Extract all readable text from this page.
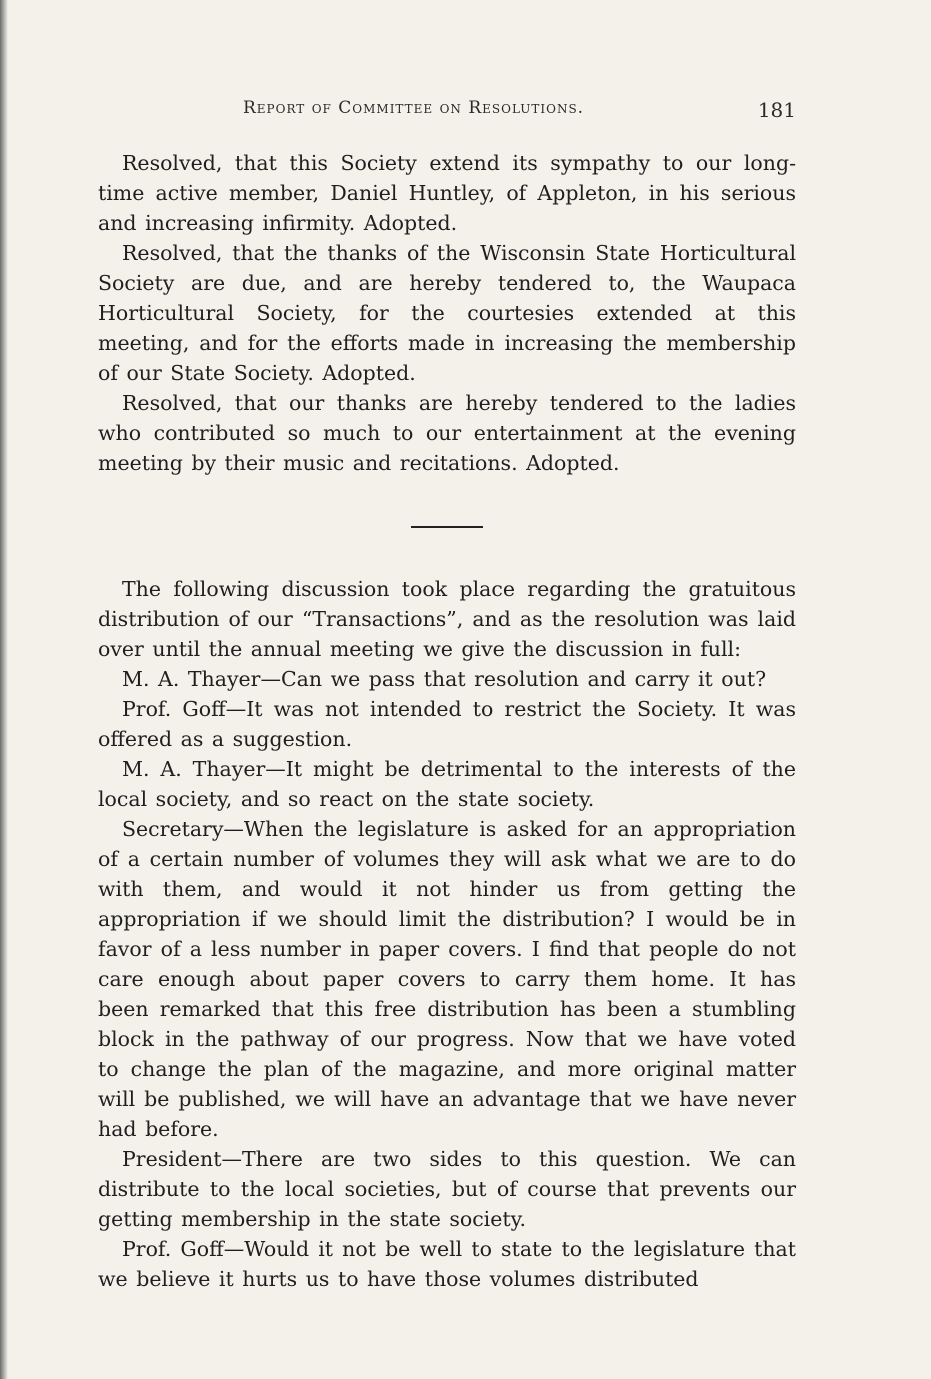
Report of Committee on Resolutions.	181

Resolved, that this Society extend its sympathy to our long-time active member, Daniel Huntley, of Appleton, in his serious and increasing infirmity. Adopted.

Resolved, that the thanks of the Wisconsin State Horticultural Society are due, and are hereby tendered to, the Waupaca Horticultural Society, for the courtesies extended at this meeting, and for the efforts made in increasing the membership of our State Society. Adopted.

Resolved, that our thanks are hereby tendered to the ladies who contributed so much to our entertainment at the evening meeting by their music and recitations. Adopted.

The following discussion took place regarding the gratuitous distribution of our “Transactions”, and as the resolution was laid over until the annual meeting we give the discussion in full:

M. A. Thayer—Can we pass that resolution and carry it out?

Prof. Goff—It was not intended to restrict the Society. It was offered as a suggestion.

M. A. Thayer—It might be detrimental to the interests of the local society, and so react on the state society.

Secretary—When the legislature is asked for an appropriation of a certain number of volumes they will ask what we are to do with them, and would it not hinder us from getting the appropriation if we should limit the distribution? I would be in favor of a less number in paper covers. I find that people do not care enough about paper covers to carry them home. It has been remarked that this free distribution has been a stumbling block in the pathway of our progress. Now that we have voted to change the plan of the magazine, and more original matter will be published, we will have an advantage that we have never had before.

President—There are two sides to this question. We can distribute to the local societies, but of course that prevents our getting membership in the state society.

Prof. Goff—Would it not be well to state to the legislature that we believe it hurts us to have those volumes distributed
